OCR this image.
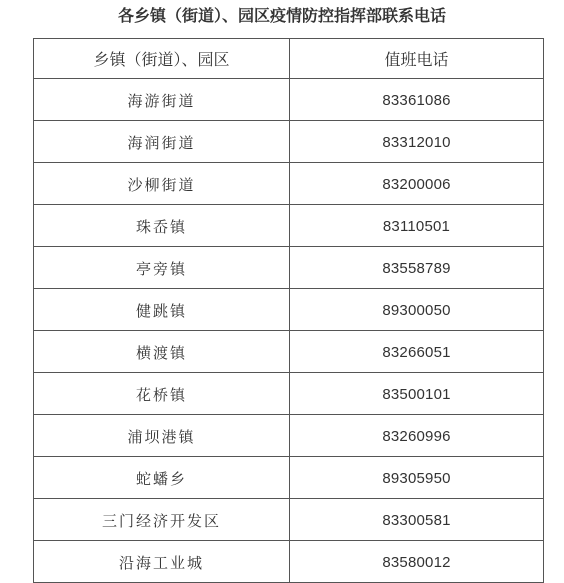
各乡镇（街道）、园区疫情防控指挥部联系电话
乡镇（街道）、园区	值班电话
海游街道	83361086
海润街道	83312010
沙柳街道	83200006
珠岙镇	83110501
亭旁镇	83558789
健跳镇	89300050
横渡镇	83266051
花桥镇	83500101
浦坝港镇	83260996
蛇蟠乡	89305950
三门经济开发区	83300581
沿海工业城	83580012
